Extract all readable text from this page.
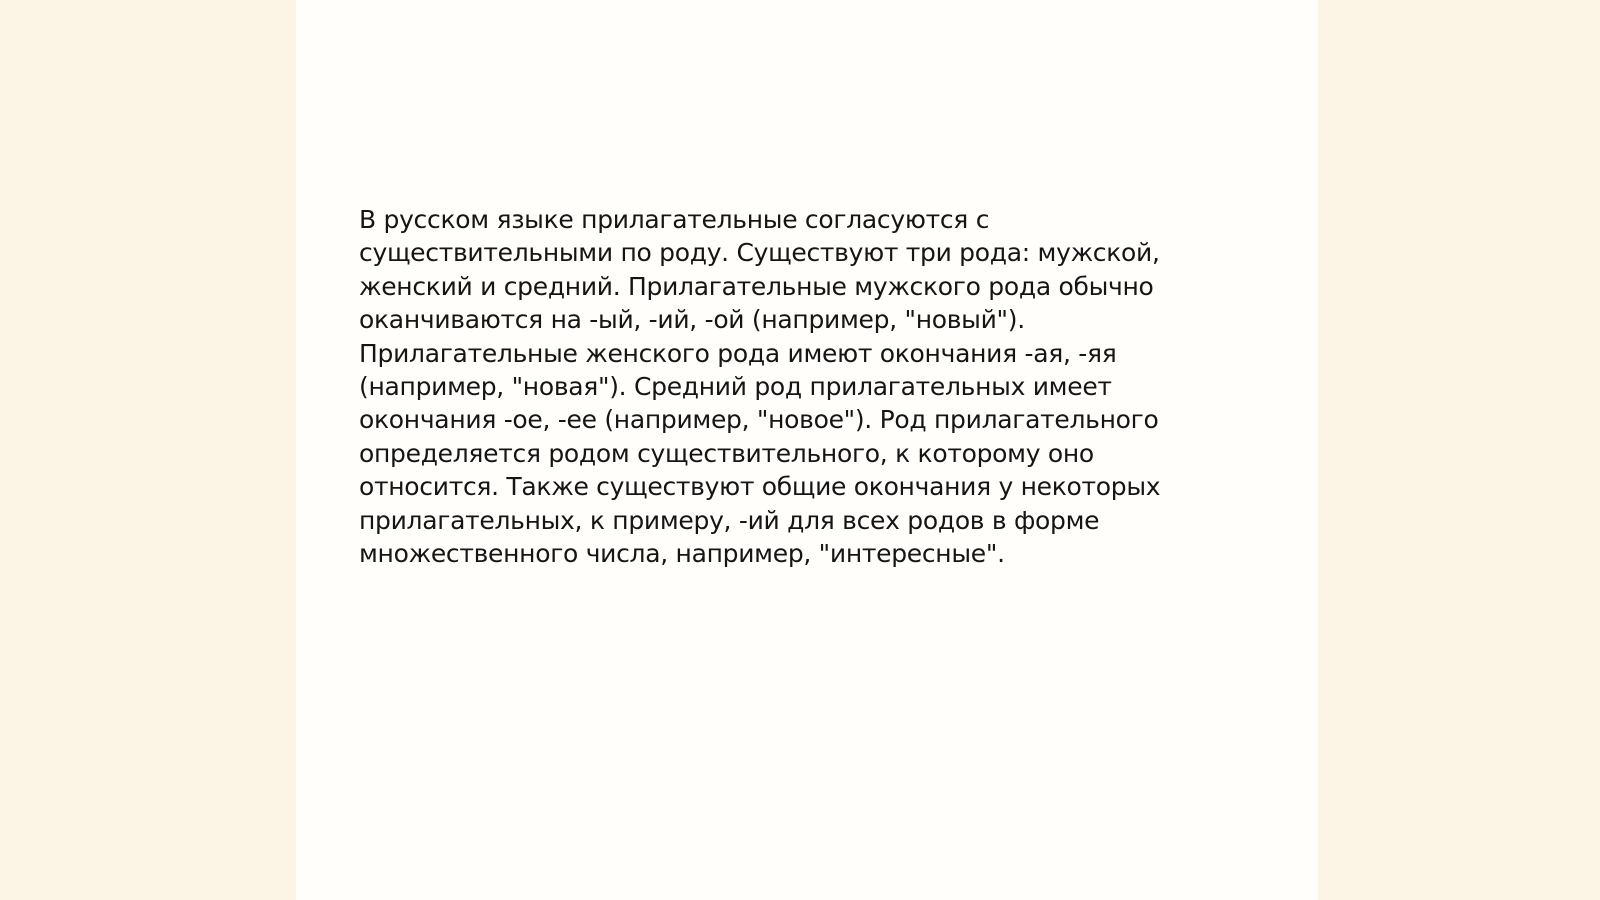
В русском языке прилагательные согласуются с
существительными по роду. Существуют три рода: мужской,
женский и средний. Прилагательные мужского рода обычно
оканчиваются на -ый, -ий, -ой (например, "новый").
Прилагательные женского рода имеют окончания -ая, -яя
(например, "новая"). Средний род прилагательных имеет
окончания -ое, -ее (например, "новое"). Род прилагательного
определяется родом существительного, к которому оно
относится. Также существуют общие окончания у некоторых
прилагательных, к примеру, -ий для всех родов в форме
множественного числа, например, "интересные".
